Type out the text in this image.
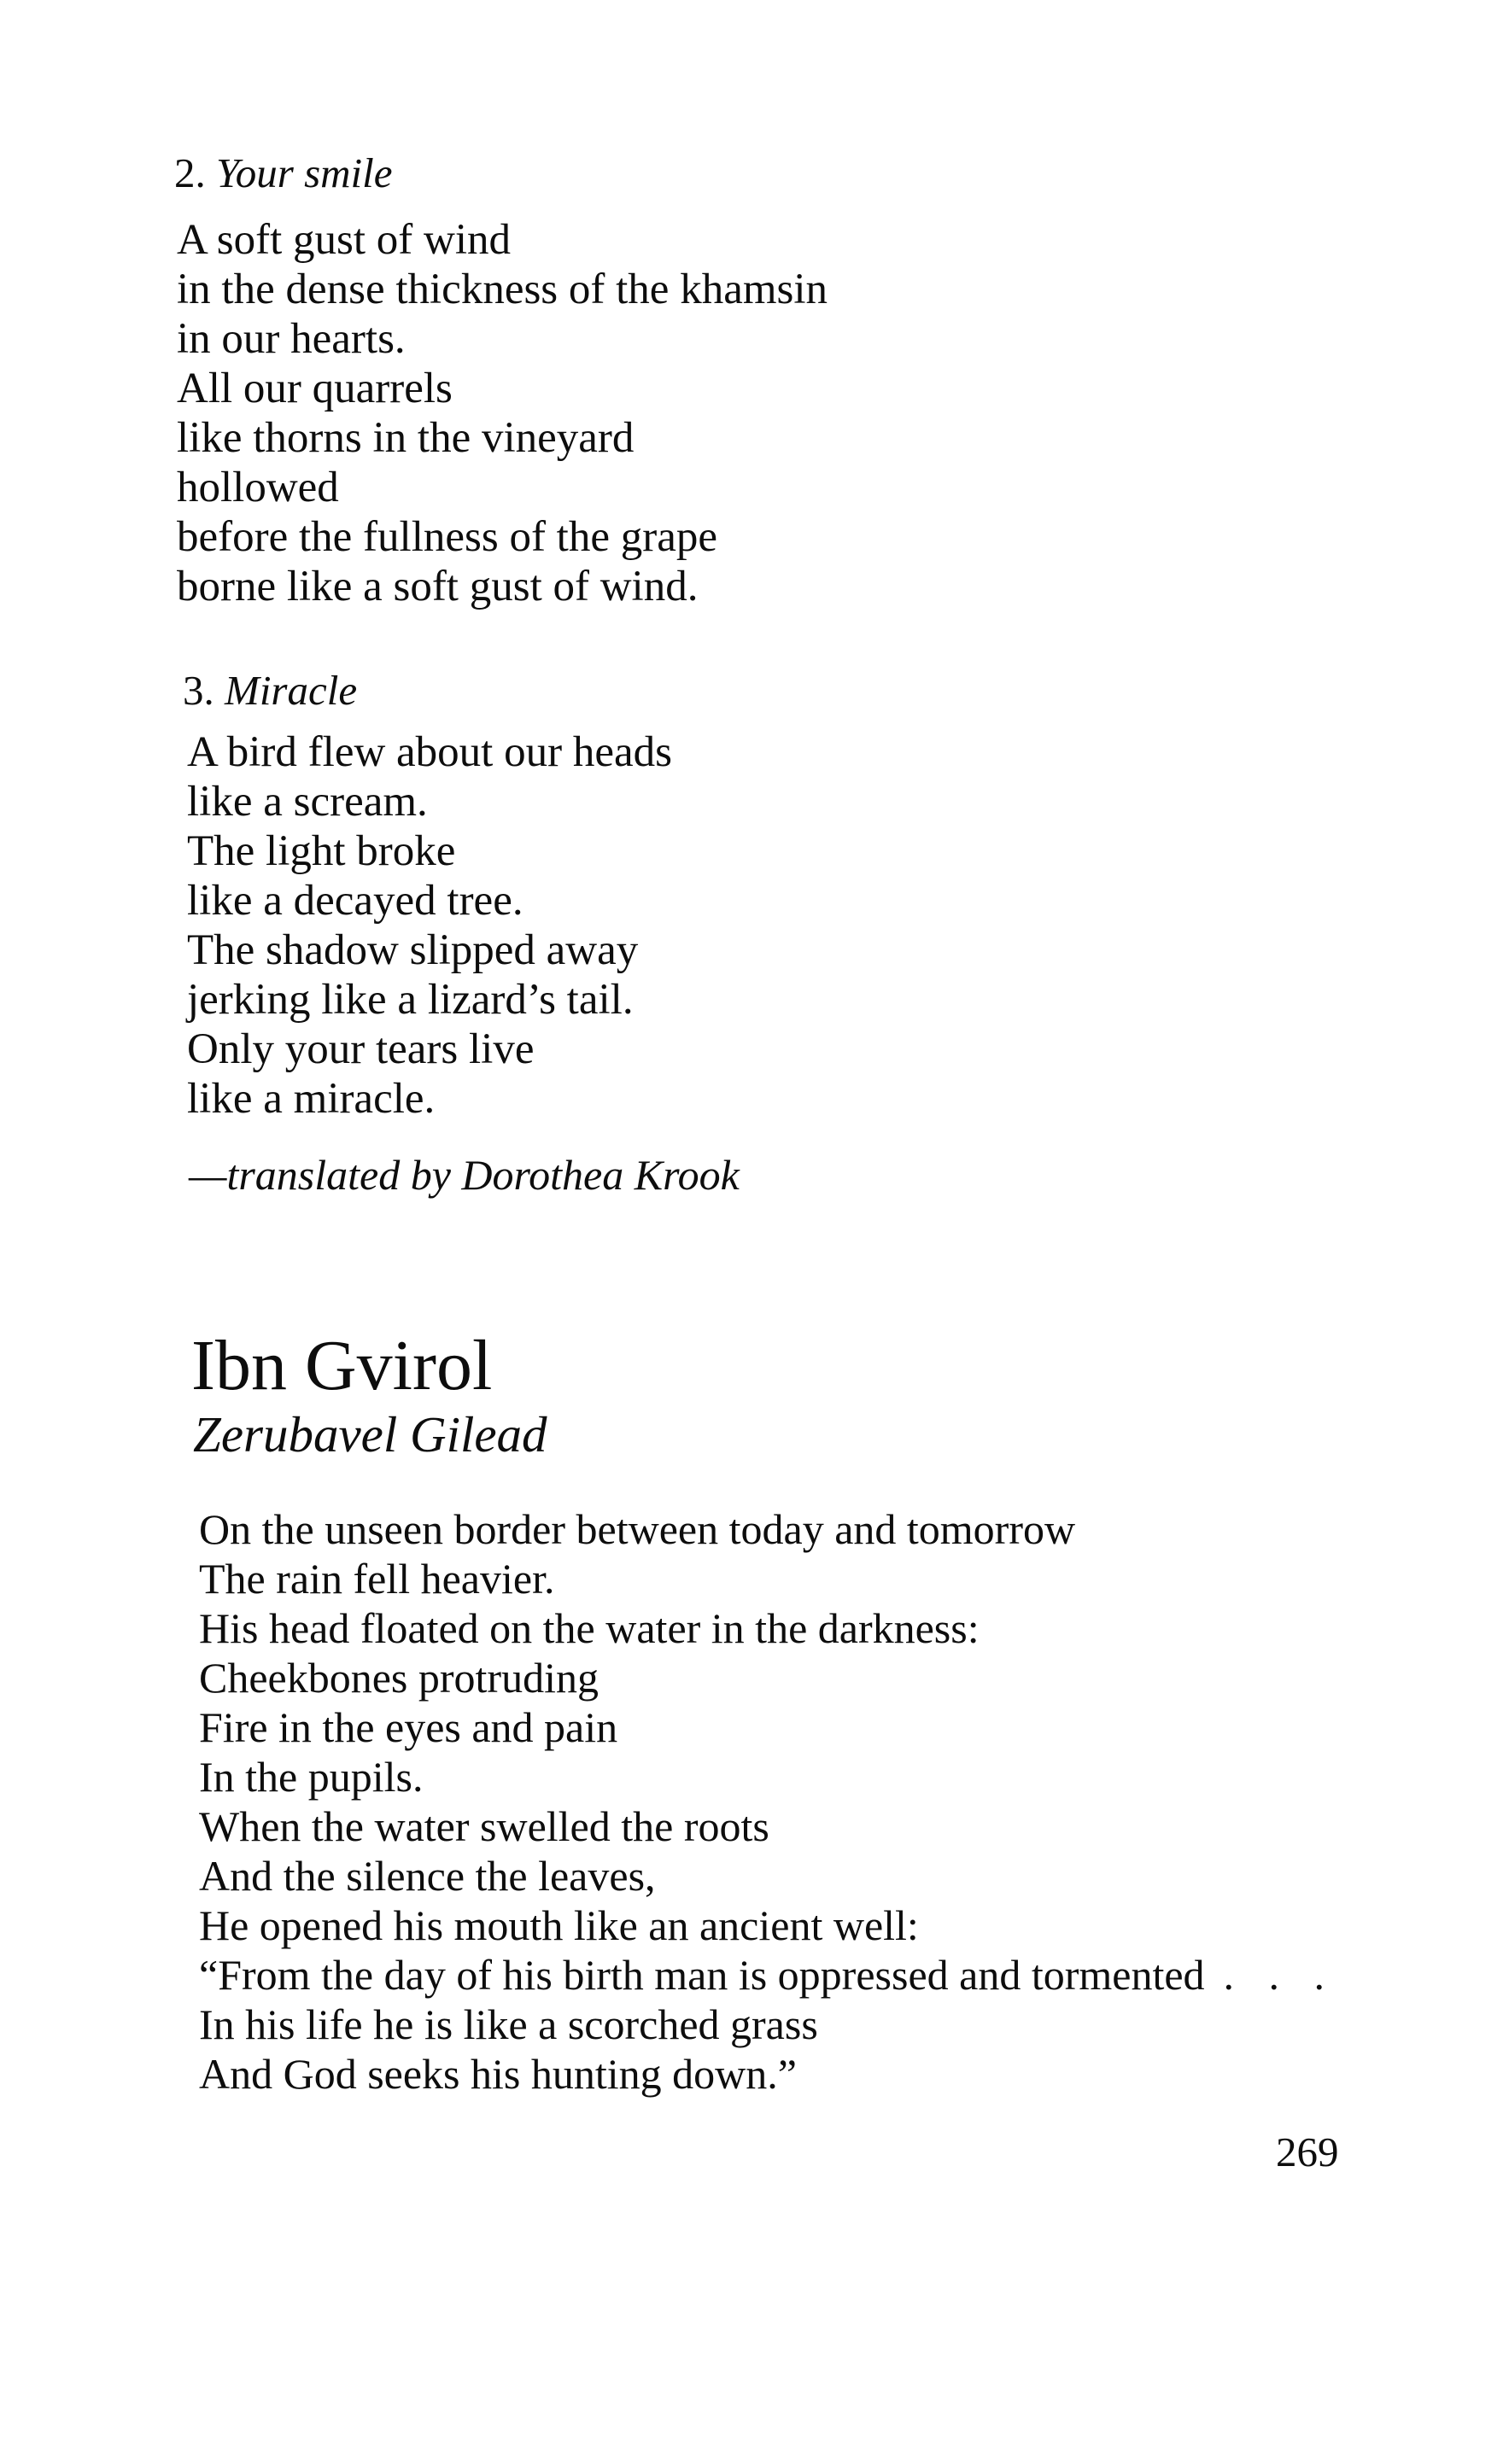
2. Your smile
A soft gust of wind
in the dense thickness of the khamsin
in our hearts.
All our quarrels
like thorns in the vineyard
hollowed
before the fullness of the grape
borne like a soft gust of wind.
3. Miracle
A bird flew about our heads
like a scream.
The light broke
like a decayed tree.
The shadow slipped away
jerking like a lizard’s tail.
Only your tears live
like a miracle.
—translated by Dorothea Krook
Ibn Gvirol
Zerubavel Gilead
On the unseen border between today and tomorrow
The rain fell heavier.
His head floated on the water in the darkness:
Cheekbones protruding
Fire in the eyes and pain
In the pupils.
When the water swelled the roots
And the silence the leaves,
He opened his mouth like an ancient well:
“From the day of his birth man is oppressed and tormented . . .
In his life he is like a scorched grass
And God seeks his hunting down.”
269
